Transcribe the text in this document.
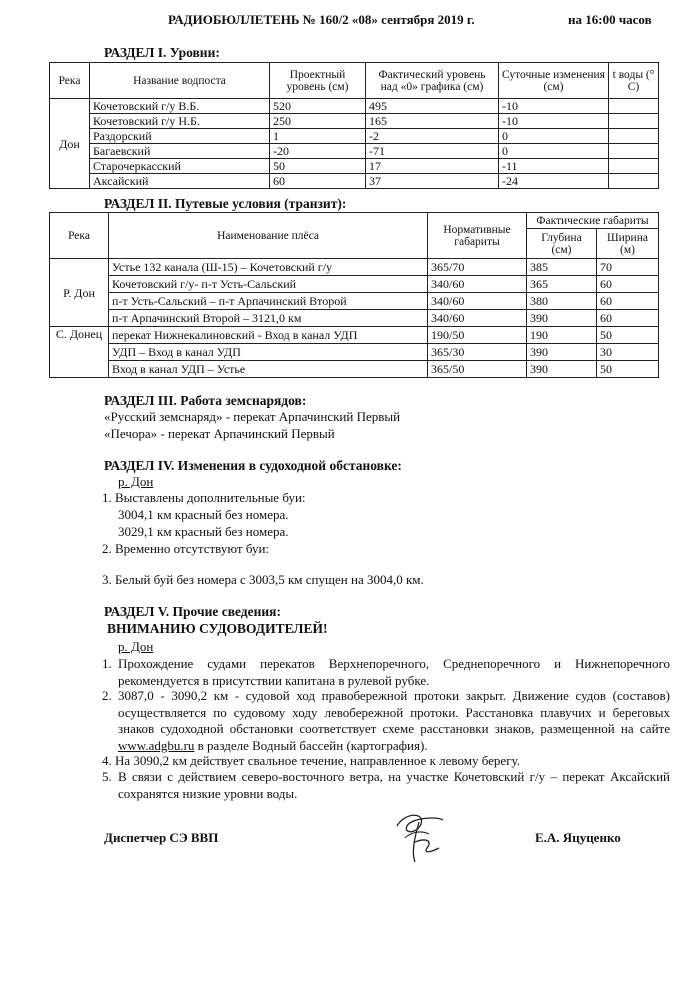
РАДИОБЮЛЛЕТЕНЬ № 160/2 «08» сентября 2019 г.	на 16:00 часов
РАЗДЕЛ I. Уровни:
Река	Название водпоста	Проектный уровень (см)	Фактический уровень над «0» графика (см)	Суточные изменения (см)	t воды (° С)
Дон	Кочетовский г/у В.Б.	520	495	-10	
	Кочетовский г/у Н.Б.	250	165	-10	
	Раздорский	1	-2	0	
	Багаевский	-20	-71	0	
	Старочеркасский	50	17	-11	
	Аксайский	60	37	-24	
РАЗДЕЛ II. Путевые условия (транзит):
Река	Наименование плёса	Нормативные габариты	Фактические габариты	
			Глубина (см)	Ширина (м)
Р. Дон	Устье 132 канала (Ш-15) – Кочетовский г/у	365/70	385	70
	Кочетовский г/у- п-т Усть-Сальский	340/60	365	60
	п-т Усть-Сальский – п-т Арпачинский Второй	340/60	380	60
	п-т Арпачинский Второй – 3121,0 км	340/60	390	60
С. Донец	перекат Нижнекалиновский - Вход в канал УДП	190/50	190	50
	УДП – Вход в канал УДП	365/30	390	30
	Вход в канал УДП – Устье	365/50	390	50
РАЗДЕЛ III. Работа земснарядов:
«Русский земснаряд» - перекат Арпачинский Первый
«Печора» - перекат Арпачинский Первый
РАЗДЕЛ IV. Изменения в судоходной обстановке:
р. Дон
1. Выставлены дополнительные буи:
3004,1 км красный без номера.
3029,1 км красный без номера.
2. Временно отсутствуют буи:
3. Белый буй без номера с 3003,5 км спущен на 3004,0 км.
РАЗДЕЛ V. Прочие сведения:
ВНИМАНИЮ СУДОВОДИТЕЛЕЙ!
р. Дон
1. Прохождение судами перекатов Верхнепоречного, Среднепоречного и Нижнепоречного рекомендуется в присутствии капитана в рулевой рубке.
2. 3087,0 - 3090,2 км - судовой ход правобережной протоки закрыт. Движение судов (составов) осуществляется по судовому ходу левобережной протоки. Расстановка плавучих и береговых знаков судоходной обстановки соответствует схеме расстановки знаков, размещенной на сайте www.adgbu.ru в разделе Водный бассейн (картография).
4. На 3090,2 км действует свальное течение, направленное к левому берегу.
5. В связи с действием северо-восточного ветра, на участке Кочетовский г/у – перекат Аксайский сохранятся низкие уровни воды.
Диспетчер СЭ ВВП	Е.А. Яцуценко
